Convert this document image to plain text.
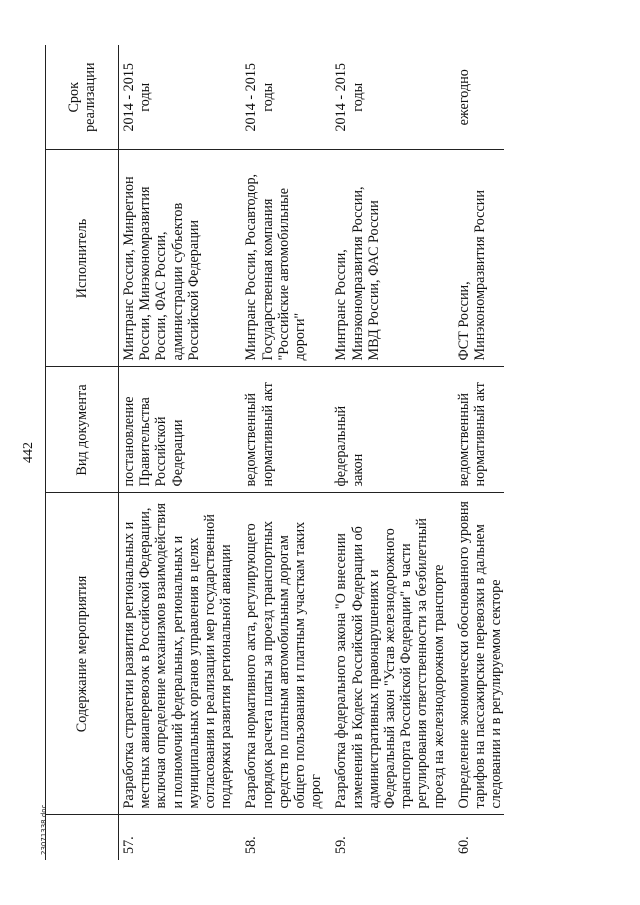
442
	Содержание мероприятия	Вид документа	Исполнитель	Срок реализации
57.	Разработка стратегии развития региональных и местных авиаперевозок в Российской Федерации, включая определение механизмов взаимодействия и полномочий федеральных, региональных и муниципальных органов управления в целях согласования и реализации мер государственной поддержки развития региональной авиации	постановление Правительства Российской Федерации	Минтранс России, Минрегион России, Минэкономразвития России, ФАС России, администрации субъектов Российской Федерации	2014 - 2015 годы
58.	Разработка нормативного акта, регулирующего порядок расчета платы за проезд транспортных средств по платным автомобильным дорогам общего пользования и платным участкам таких дорог	ведомственный нормативный акт	Минтранс России, Росавтодор, Государственная компания "Российские автомобильные дороги"	2014 - 2015 годы
59.	Разработка федерального закона "О внесении изменений в Кодекс Российской Федерации об административных правонарушениях и Федеральный закон "Устав железнодорожного транспорта Российской Федерации" в части регулирования ответственности за безбилетный проезд на железнодорожном транспорте	федеральный закон	Минтранс России, Минэкономразвития России, МВД России, ФАС России	2014 - 2015 годы
60.	Определение экономически обоснованного уровня тарифов на пассажирские перевозки в дальнем следовании и в регулируемом секторе	ведомственный нормативный акт	ФСТ России, Минэкономразвития России	ежегодно
23071338.doc
